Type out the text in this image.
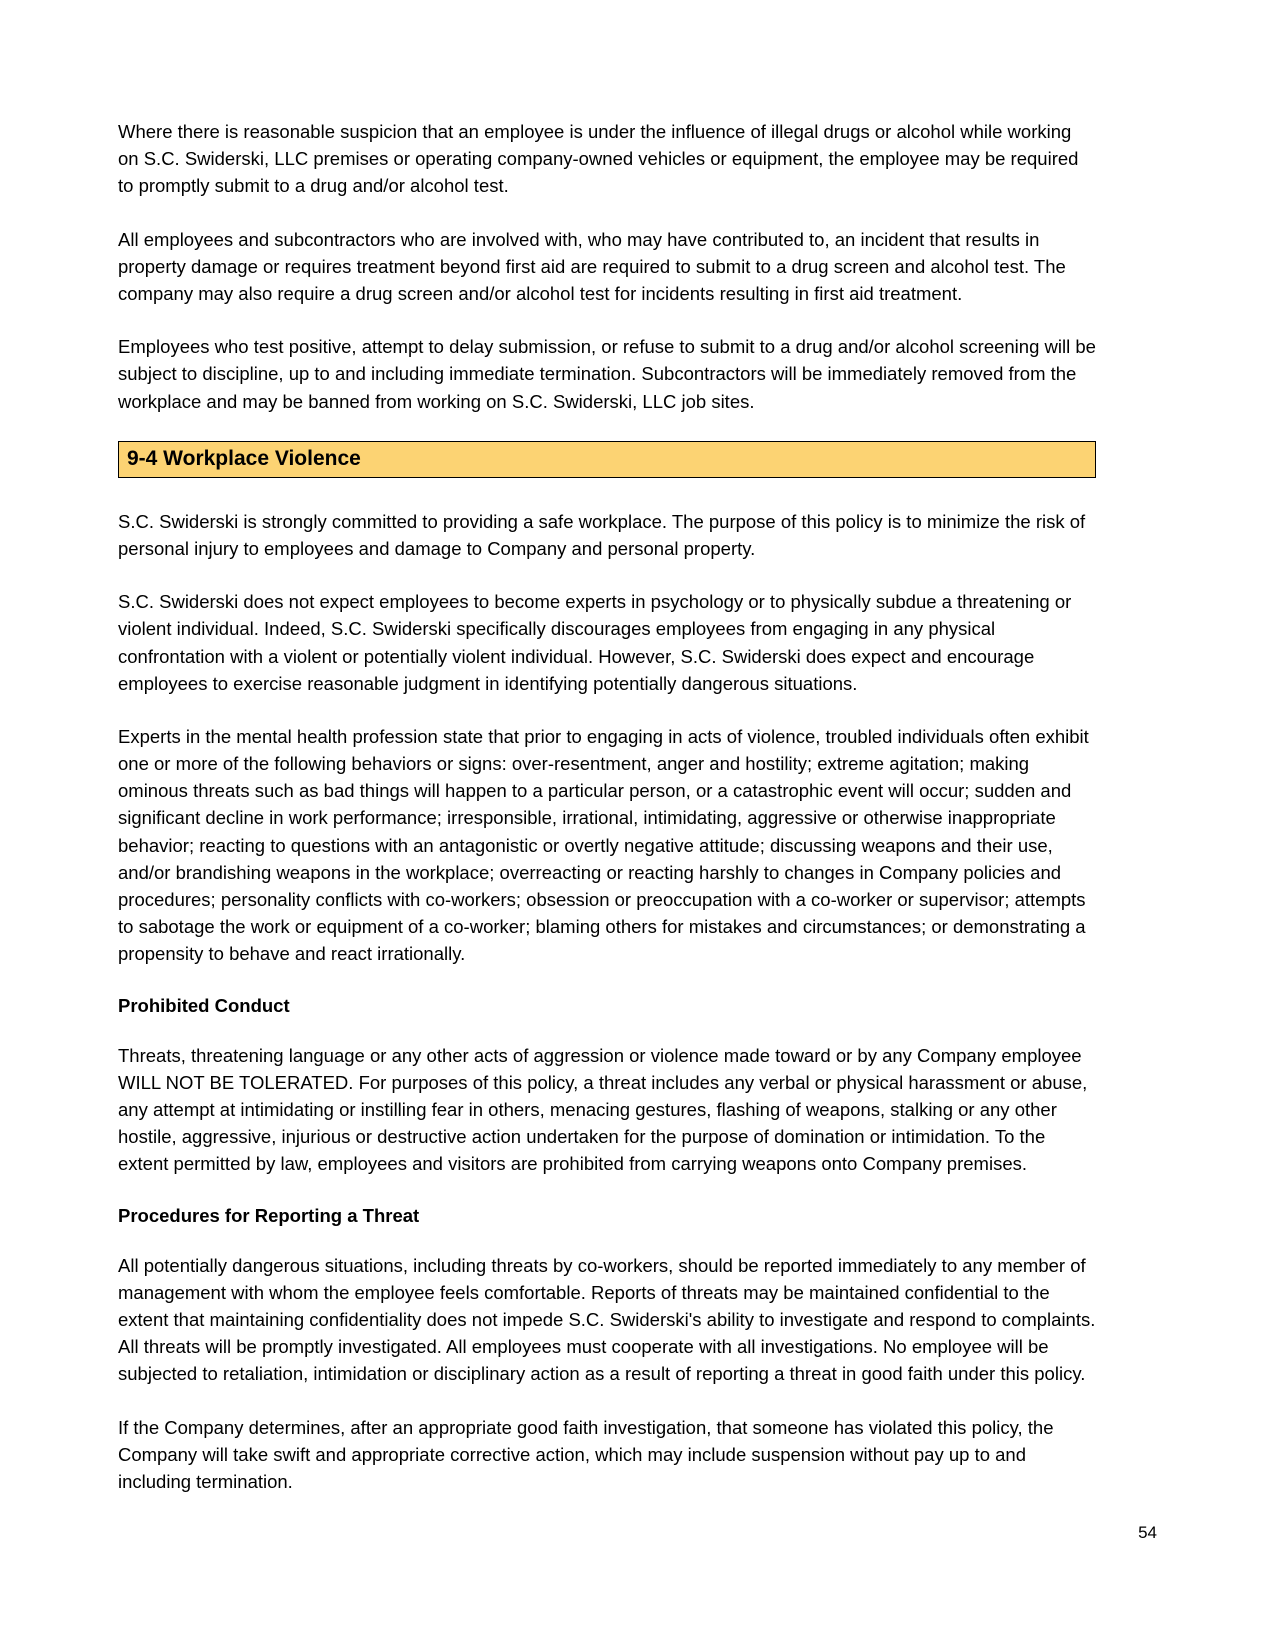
Where there is reasonable suspicion that an employee is under the influence of illegal drugs or alcohol while working on S.C. Swiderski, LLC premises or operating company-owned vehicles or equipment, the employee may be required to promptly submit to a drug and/or alcohol test.

All employees and subcontractors who are involved with, who may have contributed to, an incident that results in property damage or requires treatment beyond first aid are required to submit to a drug screen and alcohol test. The company may also require a drug screen and/or alcohol test for incidents resulting in first aid treatment.

Employees who test positive, attempt to delay submission, or refuse to submit to a drug and/or alcohol screening will be subject to discipline, up to and including immediate termination. Subcontractors will be immediately removed from the workplace and may be banned from working on S.C. Swiderski, LLC job sites.

9-4 Workplace Violence

S.C. Swiderski is strongly committed to providing a safe workplace. The purpose of this policy is to minimize the risk of personal injury to employees and damage to Company and personal property.

S.C. Swiderski does not expect employees to become experts in psychology or to physically subdue a threatening or violent individual. Indeed, S.C. Swiderski specifically discourages employees from engaging in any physical confrontation with a violent or potentially violent individual. However, S.C. Swiderski does expect and encourage employees to exercise reasonable judgment in identifying potentially dangerous situations.

Experts in the mental health profession state that prior to engaging in acts of violence, troubled individuals often exhibit one or more of the following behaviors or signs: over-resentment, anger and hostility; extreme agitation; making ominous threats such as bad things will happen to a particular person, or a catastrophic event will occur; sudden and significant decline in work performance; irresponsible, irrational, intimidating, aggressive or otherwise inappropriate behavior; reacting to questions with an antagonistic or overtly negative attitude; discussing weapons and their use, and/or brandishing weapons in the workplace; overreacting or reacting harshly to changes in Company policies and procedures; personality conflicts with co-workers; obsession or preoccupation with a co-worker or supervisor; attempts to sabotage the work or equipment of a co-worker; blaming others for mistakes and circumstances; or demonstrating a propensity to behave and react irrationally.

Prohibited Conduct

Threats, threatening language or any other acts of aggression or violence made toward or by any Company employee WILL NOT BE TOLERATED. For purposes of this policy, a threat includes any verbal or physical harassment or abuse, any attempt at intimidating or instilling fear in others, menacing gestures, flashing of weapons, stalking or any other hostile, aggressive, injurious or destructive action undertaken for the purpose of domination or intimidation. To the extent permitted by law, employees and visitors are prohibited from carrying weapons onto Company premises.

Procedures for Reporting a Threat

All potentially dangerous situations, including threats by co-workers, should be reported immediately to any member of management with whom the employee feels comfortable. Reports of threats may be maintained confidential to the extent that maintaining confidentiality does not impede S.C. Swiderski's ability to investigate and respond to complaints. All threats will be promptly investigated. All employees must cooperate with all investigations. No employee will be subjected to retaliation, intimidation or disciplinary action as a result of reporting a threat in good faith under this policy.

If the Company determines, after an appropriate good faith investigation, that someone has violated this policy, the Company will take swift and appropriate corrective action, which may include suspension without pay up to and including termination.

54
